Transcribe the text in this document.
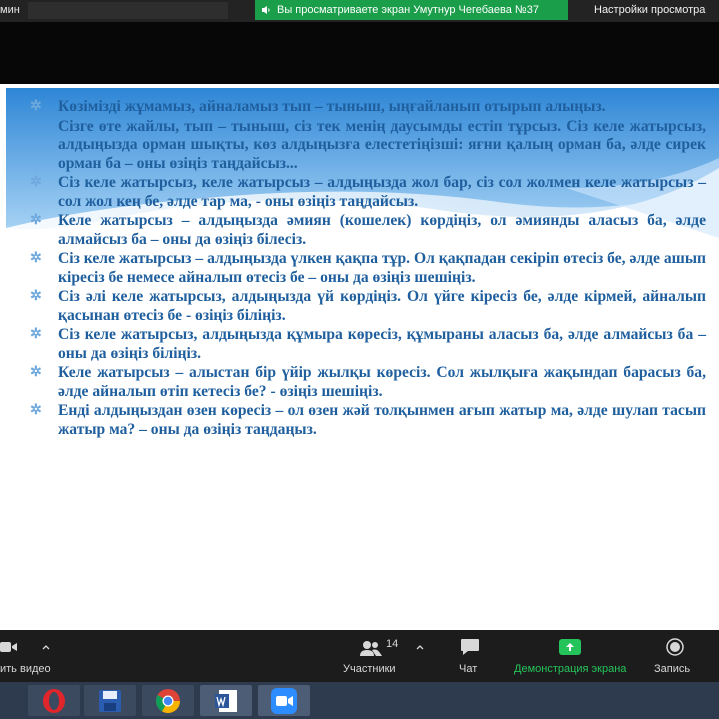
мин	Вы просматриваете экран Умутнур Чегебаева №37	Настройки просмотра
✲ Көзімізді жұмамыз, айналамыз тып – тыныш, ыңғайланып отырып алыңыз.
Сізге өте жайлы, тып – тыныш, сіз тек менің даусымды естіп тұрсыз. Сіз келе жатырсыз, алдыңызда орман шықты, көз алдыңызға елестетіңізші: яғни қалың орман ба, әлде сирек орман ба – оны өзіңіз таңдайсыз...
✲ Сіз келе жатырсыз, келе жатырсыз – алдыңызда жол бар, сіз сол жолмен келе жатырсыз – сол жол кең бе, әлде тар ма, - оны өзіңіз таңдайсыз.
✲ Келе жатырсыз – алдыңызда әмиян (кошелек) көрдіңіз, ол әмиянды аласыз ба, әлде алмайсыз ба – оны да өзіңіз білесіз.
✲ Сіз келе жатырсыз – алдыңызда үлкен қақпа тұр. Ол қақпадан секіріп өтесіз бе, әлде ашып кіресіз бе немесе айналып өтесіз бе – оны да өзіңіз шешіңіз.
✲ Сіз әлі келе жатырсыз, алдыңызда үй көрдіңіз. Ол үйге кіресіз бе, әлде кірмей, айналып қасынан өтесіз бе - өзіңіз біліңіз.
✲ Сіз келе жатырсыз, алдыңызда құмыра көресіз, құмыраны аласыз ба, әлде алмайсыз ба – оны да өзіңіз біліңіз.
✲ Келе жатырсыз – алыстан бір үйір жылқы көресіз. Сол жылқыға жақындап барасыз ба, әлде айналып өтіп кетесіз бе? - өзіңіз шешіңіз.
✲ Енді алдыңыздан өзен көресіз – ол өзен жәй толқынмен ағып жатыр ма, әлде шулап тасып жатыр ма? – оны да өзіңіз таңдаңыз.
ить видео
14
Участники	Чат	Демонстрация экрана	Запись
